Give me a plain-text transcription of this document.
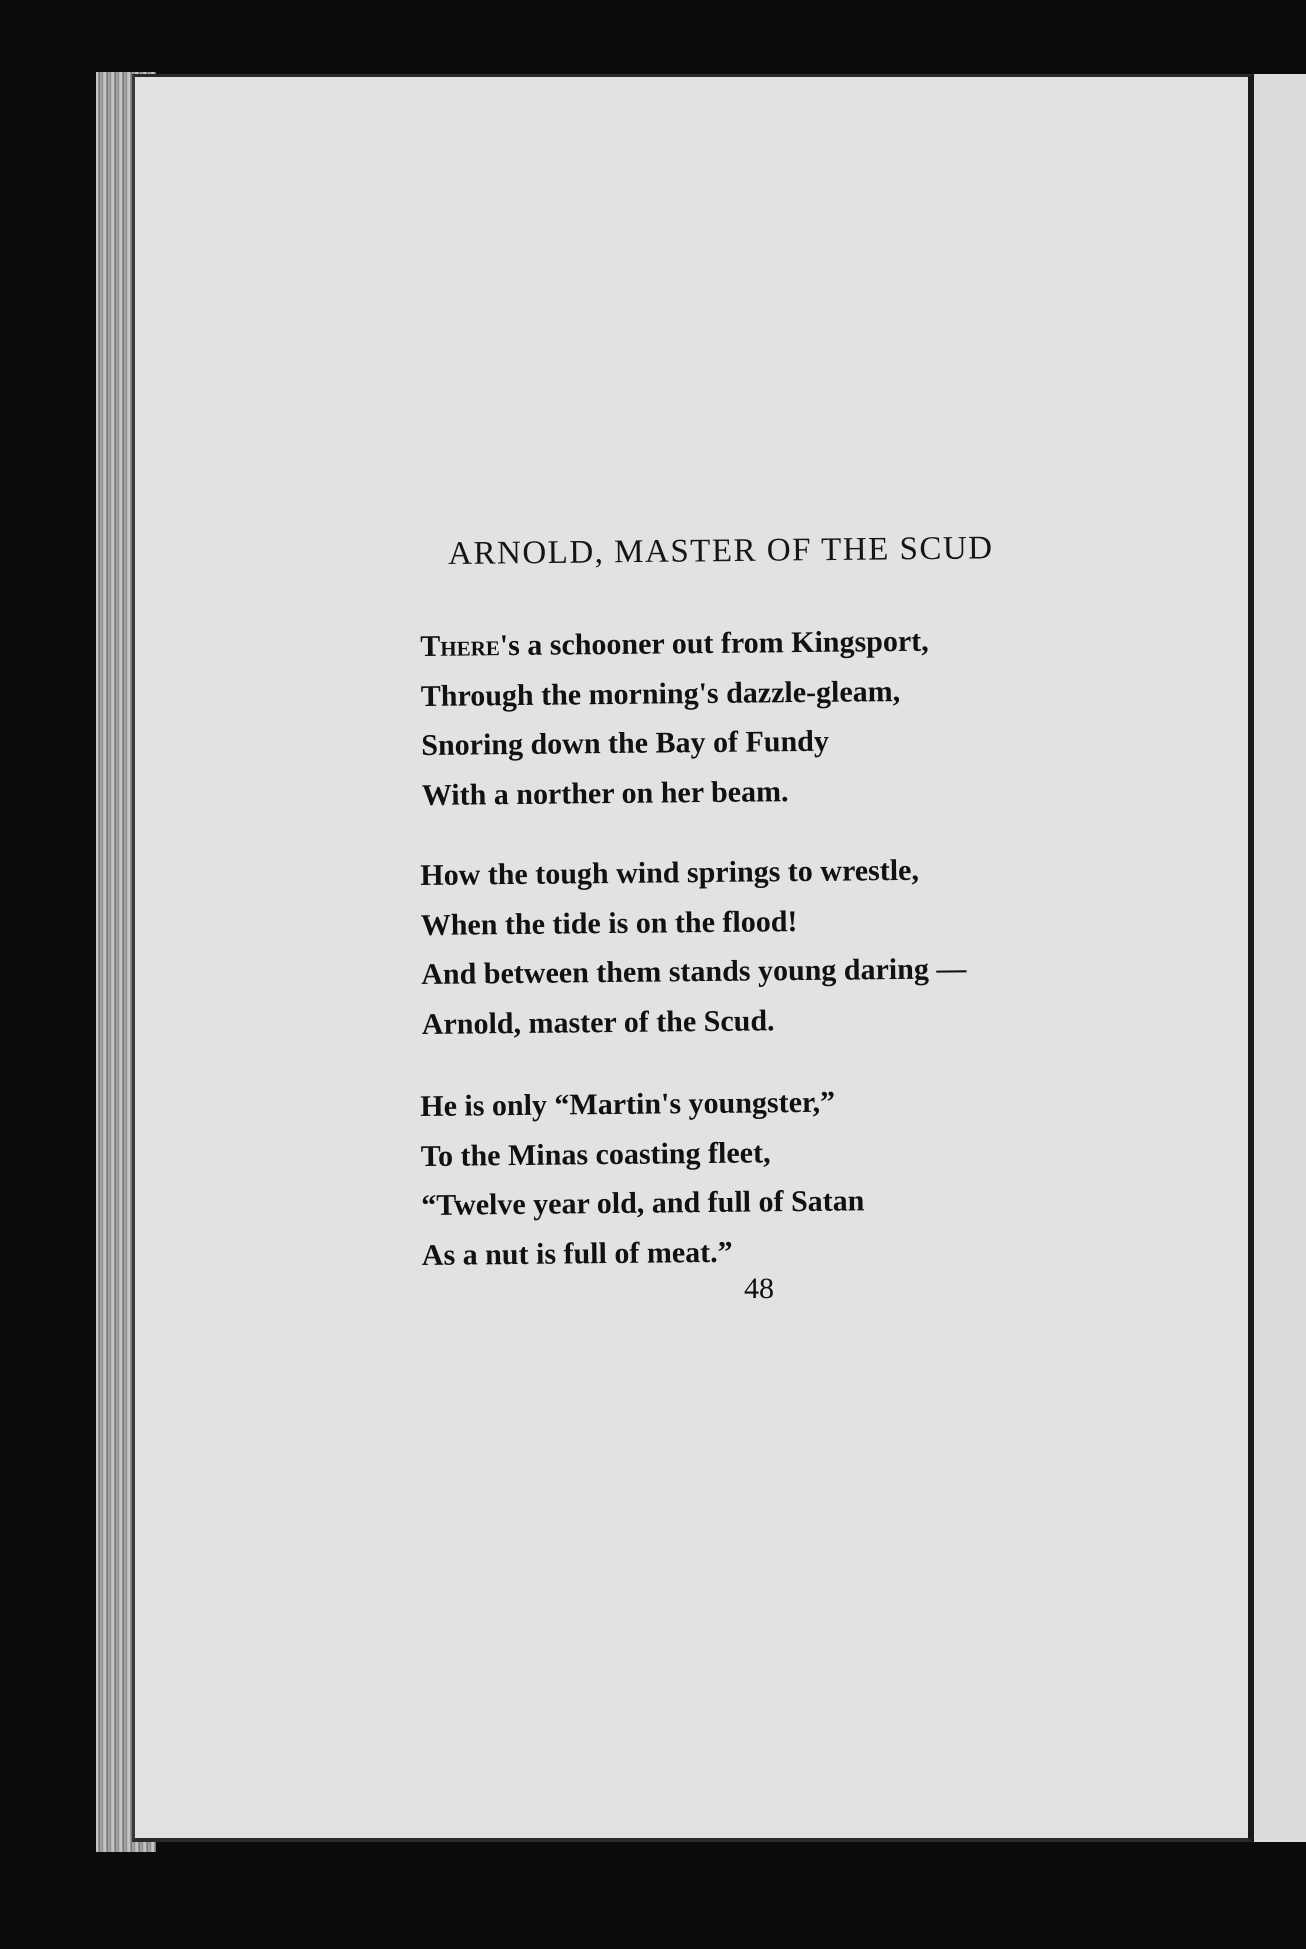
ARNOLD, MASTER OF THE SCUD
There's a schooner out from Kingsport,
Through the morning's dazzle-gleam,
Snoring down the Bay of Fundy
With a norther on her beam.
How the tough wind springs to wrestle,
When the tide is on the flood!
And between them stands young daring —
Arnold, master of the Scud.
He is only “Martin's youngster,”
To the Minas coasting fleet,
“Twelve year old, and full of Satan
As a nut is full of meat.”
48
